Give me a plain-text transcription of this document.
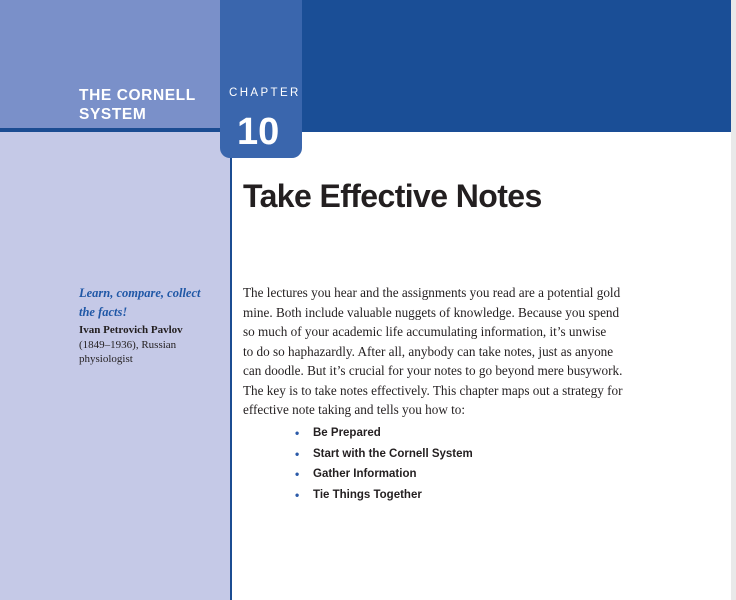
THE CORNELL
SYSTEM
CHAPTER
10
Take Effective Notes
Learn, compare, collect
the facts!
Ivan Petrovich Pavlov
(1849–1936), Russian
physiologist
The lectures you hear and the assignments you read are a potential gold
mine. Both include valuable nuggets of knowledge. Because you spend
so much of your academic life accumulating information, it’s unwise
to do so haphazardly. After all, anybody can take notes, just as anyone
can doodle. But it’s crucial for your notes to go beyond mere busywork.
The key is to take notes effectively. This chapter maps out a strategy for
effective note taking and tells you how to:
• Be Prepared
• Start with the Cornell System
• Gather Information
• Tie Things Together
